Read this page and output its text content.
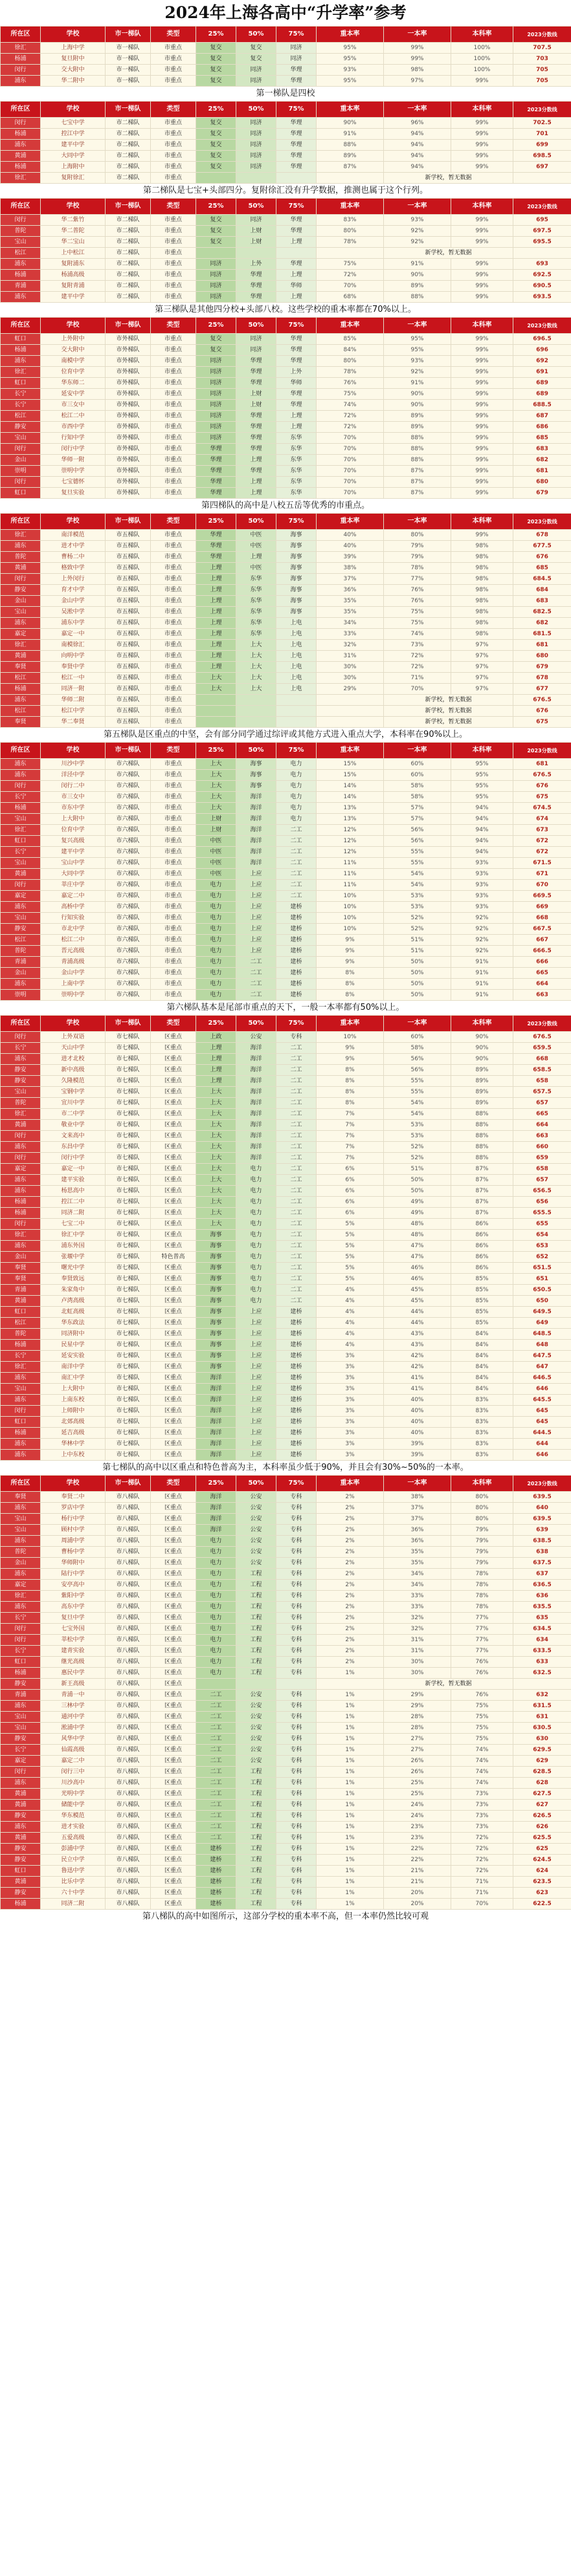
2024年上海各高中“升学率”参考
所在区	学校	市一梯队	类型	25%	50%	75%	重本率	一本率	本科率	2023分数线
徐汇	上海中学	市一梯队	市重点	复交	复交	同济	95%	99%	100%	707.5
杨浦	复旦附中	市一梯队	市重点	复交	复交	同济	95%	99%	100%	703
闵行	交大附中	市一梯队	市重点	复交	同济	华理	93%	98%	100%	705
浦东	华二附中	市一梯队	市重点	复交	同济	华理	95%	97%	99%	705
第一梯队是四校
所在区	学校	市一梯队	类型	25%	50%	75%	重本率	一本率	本科率	2023分数线
闵行	七宝中学	市二梯队	市重点	复交	同济	华理	90%	96%	99%	702.5
杨浦	控江中学	市二梯队	市重点	复交	同济	华理	91%	94%	99%	701
浦东	建平中学	市二梯队	市重点	复交	同济	华理	88%	94%	99%	699
黄浦	大同中学	市二梯队	市重点	复交	同济	华理	89%	94%	99%	698.5
杨浦	上海附中	市二梯队	市重点	复交	同济	华理	87%	94%	99%	697
徐汇	复附徐汇	市二梯队	市重点					新学校，暂无数据		
第二梯队是七宝+头部四分。复附徐汇没有升学数据，推测也属于这个行列。
所在区	学校	市一梯队	类型	25%	50%	75%	重本率	一本率	本科率	2023分数线
闵行	华二紫竹	市二梯队	市重点	复交	同济	华理	83%	93%	99%	695
普陀	华二普陀	市二梯队	市重点	复交	上财	华理	80%	92%	99%	697.5
宝山	华二宝山	市二梯队	市重点	复交	上财	上理	78%	92%	99%	695.5
松江	上中松江	市二梯队	市重点					新学校，暂无数据		
浦东	复附浦东	市二梯队	市重点	同济	上外	华理	75%	91%	99%	693
杨浦	杨浦高级	市二梯队	市重点	同济	华理	上理	72%	90%	99%	692.5
青浦	复附青浦	市二梯队	市重点	同济	华理	华师	70%	89%	99%	690.5
浦东	建平中学	市二梯队	市重点	同济	华理	上理	68%	88%	99%	693.5
第三梯队是其他四分校+头部八校。这些学校的重本率都在70%以上。
所在区	学校	市一梯队	类型	25%	50%	75%	重本率	一本率	本科率	2023分数线
虹口	上外附中	市外梯队	市重点	复交	同济	华理	85%	95%	99%	696.5
杨浦	交大附中	市外梯队	市重点	复交	同济	华理	84%	95%	99%	696
浦东	南模中学	市外梯队	市重点	同济	华理	华理	80%	93%	99%	692
徐汇	位育中学	市外梯队	市重点	同济	华理	上外	78%	92%	99%	691
虹口	华东师二	市外梯队	市重点	同济	华理	华师	76%	91%	99%	689
长宁	延安中学	市外梯队	市重点	同济	上财	华理	75%	90%	99%	689
长宁	市三女中	市外梯队	市重点	同济	上财	华理	74%	90%	99%	688.5
松江	松江二中	市外梯队	市重点	同济	华理	上理	72%	89%	99%	687
静安	市西中学	市外梯队	市重点	同济	华理	上理	72%	89%	99%	686
宝山	行知中学	市外梯队	市重点	同济	华理	东华	70%	88%	99%	685
闵行	闵行中学	市外梯队	市重点	华理	华理	东华	70%	88%	99%	683
金山	华师一附	市外梯队	市重点	华理	上理	东华	70%	88%	99%	682
崇明	崇明中学	市外梯队	市重点	华理	华理	东华	70%	87%	99%	681
闵行	七宝德怀	市外梯队	市重点	华理	上理	东华	70%	87%	99%	680
虹口	复旦实验	市外梯队	市重点	华理	上理	东华	70%	87%	99%	679
第四梯队的高中是八校五岳等优秀的市重点。
所在区	学校	市一梯队	类型	25%	50%	75%	重本率	一本率	本科率	2023分数线
徐汇	南洋模范	市五梯队	市重点	华理	中医	海事	40%	80%	99%	678
浦东	进才中学	市五梯队	市重点	华理	中医	海事	40%	79%	98%	677.5
普陀	曹杨二中	市五梯队	市重点	华理	上理	海事	39%	79%	98%	676
黄浦	格致中学	市五梯队	市重点	上理	中医	海事	38%	78%	98%	685
闵行	上外闵行	市五梯队	市重点	上理	东华	海事	37%	77%	98%	684.5
静安	育才中学	市五梯队	市重点	上理	东华	海事	36%	76%	98%	684
金山	金山中学	市五梯队	市重点	上理	东华	海事	35%	76%	98%	683
宝山	吴淞中学	市五梯队	市重点	上理	东华	海事	35%	75%	98%	682.5
浦东	浦东中学	市五梯队	市重点	上理	东华	上电	34%	75%	98%	682
嘉定	嘉定一中	市五梯队	市重点	上理	东华	上电	33%	74%	98%	681.5
徐汇	南模徐汇	市五梯队	市重点	上理	上大	上电	32%	73%	97%	681
黄浦	向明中学	市五梯队	市重点	上理	上大	上电	31%	72%	97%	680
奉贤	奉贤中学	市五梯队	市重点	上理	上大	上电	30%	72%	97%	679
松江	松江一中	市五梯队	市重点	上大	上大	上电	30%	71%	97%	678
杨浦	同济一附	市五梯队	市重点	上大	上大	上电	29%	70%	97%	677
浦东	华师二附	市五梯队	市重点					新学校，暂无数据		676.5
松江	松江中学	市五梯队	市重点					新学校，暂无数据		676
奉贤	华二奉贤	市五梯队	市重点					新学校，暂无数据		675
第五梯队是区重点的中坚，会有部分同学通过综评或其他方式进入重点大学，本科率在90%以上。
所在区	学校	市一梯队	类型	25%	50%	75%	重本率	一本率	本科率	2023分数线
浦东	川沙中学	市六梯队	市重点	上大	海事	电力	15%	60%	95%	681
浦东	洋泾中学	市六梯队	市重点	上大	海事	电力	15%	60%	95%	676.5
闵行	闵行二中	市六梯队	市重点	上大	海事	电力	14%	58%	95%	676
长宁	市三女中	市六梯队	市重点	上大	海洋	电力	14%	58%	95%	675
杨浦	市东中学	市六梯队	市重点	上大	海洋	电力	13%	57%	94%	674.5
宝山	上大附中	市六梯队	市重点	上财	海洋	电力	13%	57%	94%	674
徐汇	位育中学	市六梯队	市重点	上财	海洋	二工	12%	56%	94%	673
虹口	复兴高级	市六梯队	市重点	中医	海洋	二工	12%	56%	94%	672
长宁	建平中学	市六梯队	市重点	中医	海洋	二工	12%	55%	94%	672
宝山	宝山中学	市六梯队	市重点	中医	海洋	二工	11%	55%	93%	671.5
黄浦	大同中学	市六梯队	市重点	中医	上应	二工	11%	54%	93%	671
闵行	莘庄中学	市六梯队	市重点	电力	上应	二工	11%	54%	93%	670
嘉定	嘉定二中	市六梯队	市重点	电力	上应	二工	10%	53%	93%	669.5
浦东	高桥中学	市六梯队	市重点	电力	上应	建桥	10%	53%	93%	669
宝山	行知实验	市六梯队	市重点	电力	上应	建桥	10%	52%	92%	668
静安	市北中学	市六梯队	市重点	电力	上应	建桥	10%	52%	92%	667.5
松江	松江二中	市六梯队	市重点	电力	上应	建桥	9%	51%	92%	667
普陀	晋元高级	市六梯队	市重点	电力	上应	建桥	9%	51%	92%	666.5
青浦	青浦高级	市六梯队	市重点	电力	二工	建桥	9%	50%	91%	666
金山	金山中学	市六梯队	市重点	电力	二工	建桥	8%	50%	91%	665
浦东	上南中学	市六梯队	市重点	电力	二工	建桥	8%	50%	91%	664
崇明	崇明中学	市六梯队	市重点	电力	二工	建桥	8%	50%	91%	663
第六梯队基本是尾部市重点的天下，一般一本率都有50%以上。
所在区	学校	市一梯队	类型	25%	50%	75%	重本率	一本率	本科率	2023分数线
闵行	上外双语	市七梯队	区重点	上政	公安	专科	10%	60%	90%	676.5
长宁	天山中学	市七梯队	区重点	上理	海洋	二工	9%	58%	90%	659.5
浦东	进才北校	市七梯队	区重点	上理	海洋	二工	9%	56%	90%	668
静安	新中高级	市七梯队	区重点	上理	海洋	二工	8%	56%	89%	658.5
静安	久隆模范	市七梯队	区重点	上理	海洋	二工	8%	55%	89%	658
宝山	宝钢中学	市七梯队	区重点	上大	海洋	二工	8%	55%	89%	657.5
普陀	宜川中学	市七梯队	区重点	上大	海洋	二工	8%	54%	89%	657
徐汇	市二中学	市七梯队	区重点	上大	海洋	二工	7%	54%	88%	665
黄浦	敬业中学	市七梯队	区重点	上大	海洋	二工	7%	53%	88%	664
闵行	文来高中	市七梯队	区重点	上大	海洋	二工	7%	53%	88%	663
浦东	东昌中学	市七梯队	区重点	上大	海洋	二工	7%	52%	88%	660
闵行	闵行中学	市七梯队	区重点	上大	海洋	二工	7%	52%	88%	659
嘉定	嘉定一中	市七梯队	区重点	上大	电力	二工	6%	51%	87%	658
浦东	建平实验	市七梯队	区重点	上大	电力	二工	6%	50%	87%	657
浦东	杨思高中	市七梯队	区重点	上大	电力	二工	6%	50%	87%	656.5
杨浦	控江二中	市七梯队	区重点	上大	电力	二工	6%	49%	87%	656
杨浦	同济二附	市七梯队	区重点	上大	电力	二工	6%	49%	87%	655.5
闵行	七宝二中	市七梯队	区重点	上大	电力	二工	5%	48%	86%	655
徐汇	徐汇中学	市七梯队	区重点	海事	电力	二工	5%	48%	86%	654
浦东	浦东外国	市七梯队	区重点	海事	电力	二工	5%	47%	86%	653
金山	张堰中学	市七梯队	特色普高	海事	电力	二工	5%	47%	86%	652
奉贤	曙光中学	市七梯队	区重点	海事	电力	二工	5%	46%	86%	651.5
奉贤	奉贤致远	市七梯队	区重点	海事	电力	二工	5%	46%	85%	651
青浦	朱家角中	市七梯队	区重点	海事	电力	二工	4%	45%	85%	650.5
黄浦	卢湾高级	市七梯队	区重点	海事	电力	二工	4%	45%	85%	650
虹口	北虹高级	市七梯队	区重点	海事	上应	建桥	4%	44%	85%	649.5
松江	华东政法	市七梯队	区重点	海事	上应	建桥	4%	44%	85%	649
普陀	同济附中	市七梯队	区重点	海事	上应	建桥	4%	43%	84%	648.5
杨浦	民星中学	市七梯队	区重点	海事	上应	建桥	4%	43%	84%	648
长宁	延安实验	市七梯队	区重点	海事	上应	建桥	3%	42%	84%	647.5
徐汇	南洋中学	市七梯队	区重点	海事	上应	建桥	3%	42%	84%	647
浦东	南汇中学	市七梯队	区重点	海洋	上应	建桥	3%	41%	84%	646.5
宝山	上大附中	市七梯队	区重点	海洋	上应	建桥	3%	41%	84%	646
浦东	上南东校	市七梯队	区重点	海洋	上应	建桥	3%	40%	83%	645.5
闵行	上师附中	市七梯队	区重点	海洋	上应	建桥	3%	40%	83%	645
虹口	北郊高级	市七梯队	区重点	海洋	上应	建桥	3%	40%	83%	645
杨浦	延吉高级	市七梯队	区重点	海洋	上应	建桥	3%	40%	83%	644.5
浦东	华林中学	市七梯队	区重点	海洋	上应	建桥	3%	39%	83%	644
浦东	上中东校	市七梯队	区重点	海洋	上应	建桥	3%	39%	83%	646
第七梯队的高中以区重点和特色普高为主，本科率虽少低于90%，并且会有30%~50%的一本率。
所在区	学校	市一梯队	类型	25%	50%	75%	重本率	一本率	本科率	2023分数线
奉贤	奉贤二中	市八梯队	区重点	海洋	公安	专科	2%	38%	80%	639.5
浦东	罗店中学	市八梯队	区重点	海洋	公安	专科	2%	37%	80%	640
宝山	杨行中学	市八梯队	区重点	海洋	公安	专科	2%	37%	80%	639.5
宝山	顾村中学	市八梯队	区重点	海洋	公安	专科	2%	36%	79%	639
浦东	周浦中学	市八梯队	区重点	电力	公安	专科	2%	36%	79%	638.5
普陀	曹杨中学	市八梯队	区重点	电力	公安	专科	2%	35%	79%	638
金山	华师附中	市八梯队	区重点	电力	公安	专科	2%	35%	79%	637.5
浦东	陆行中学	市八梯队	区重点	电力	工程	专科	2%	34%	78%	637
嘉定	安亭高中	市八梯队	区重点	电力	工程	专科	2%	34%	78%	636.5
徐汇	紫阳中学	市八梯队	区重点	电力	工程	专科	2%	33%	78%	636
浦东	高东中学	市八梯队	区重点	电力	工程	专科	2%	33%	78%	635.5
长宁	复旦中学	市八梯队	区重点	电力	工程	专科	2%	32%	77%	635
闵行	七宝外国	市八梯队	区重点	电力	工程	专科	2%	32%	77%	634.5
闵行	莘松中学	市八梯队	区重点	电力	工程	专科	2%	31%	77%	634
长宁	建青实验	市八梯队	区重点	电力	工程	专科	2%	31%	77%	633.5
虹口	继光高级	市八梯队	区重点	电力	工程	专科	2%	30%	76%	633
杨浦	惠民中学	市八梯队	区重点	电力	工程	专科	1%	30%	76%	632.5
静安	新王高级	市八梯队	区重点					新学校，暂无数据		
青浦	青浦一中	市八梯队	区重点	二工	公安	专科	1%	29%	76%	632
浦东	三林中学	市八梯队	区重点	二工	公安	专科	1%	29%	75%	631.5
宝山	通河中学	市八梯队	区重点	二工	公安	专科	1%	28%	75%	631
宝山	淞浦中学	市八梯队	区重点	二工	公安	专科	1%	28%	75%	630.5
静安	风华中学	市八梯队	区重点	二工	公安	专科	1%	27%	75%	630
长宁	仙霞高级	市八梯队	区重点	二工	公安	专科	1%	27%	74%	629.5
嘉定	嘉定二中	市八梯队	区重点	二工	公安	专科	1%	26%	74%	629
闵行	闵行三中	市八梯队	区重点	二工	工程	专科	1%	26%	74%	628.5
浦东	川沙高中	市八梯队	区重点	二工	工程	专科	1%	25%	74%	628
黄浦	光明中学	市八梯队	区重点	二工	工程	专科	1%	25%	73%	627.5
黄浦	储能中学	市八梯队	区重点	二工	工程	专科	1%	24%	73%	627
静安	华东模范	市八梯队	区重点	二工	工程	专科	1%	24%	73%	626.5
浦东	进才实验	市八梯队	区重点	二工	工程	专科	1%	23%	73%	626
黄浦	五爱高级	市八梯队	区重点	二工	工程	专科	1%	23%	72%	625.5
静安	彭浦中学	市八梯队	区重点	建桥	工程	专科	1%	22%	72%	625
静安	民立中学	市八梯队	区重点	建桥	工程	专科	1%	22%	72%	624.5
虹口	鲁迅中学	市八梯队	区重点	建桥	工程	专科	1%	21%	72%	624
黄浦	比乐中学	市八梯队	区重点	建桥	工程	专科	1%	21%	71%	623.5
静安	六十中学	市八梯队	区重点	建桥	工程	专科	1%	20%	71%	623
杨浦	同济二附	市八梯队	区重点	建桥	工程	专科	1%	20%	70%	622.5
第八梯队的高中如图所示，这部分学校的重本率不高，但一本率仍然比较可观
